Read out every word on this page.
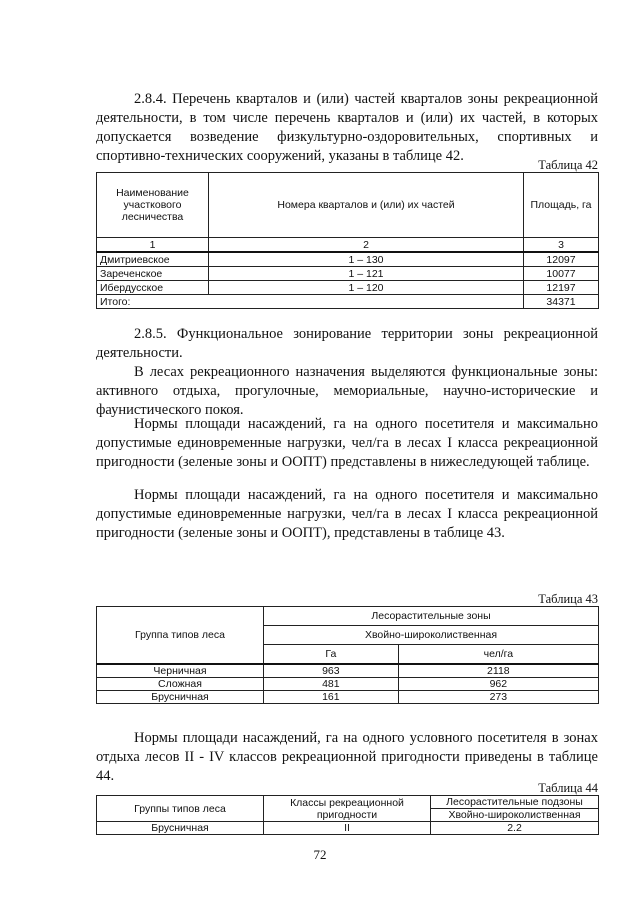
2.8.4. Перечень кварталов и (или) частей кварталов зоны рекреационной деятельности, в том числе перечень кварталов и (или) их частей, в которых допускается возведение физкультурно-оздоровительных, спортивных и спортивно-технических сооружений, указаны в таблице 42.
Таблица 42
Наименование участкового лесничества	Номера кварталов и (или) их частей	Площадь, га
1	2	3
Дмитриевское	1 – 130	12097
Зареченское	1 – 121	10077
Ибердусское	1 – 120	12197
Итого:		34371
2.8.5. Функциональное зонирование территории зоны рекреационной деятельности.
В лесах рекреационного назначения выделяются функциональные зоны: активного отдыха, прогулочные, мемориальные, научно-исторические и фаунистического покоя.
Нормы площади насаждений, га на одного посетителя и максимально допустимые единовременные нагрузки, чел/га в лесах I класса рекреационной пригодности (зеленые зоны и ООПТ) представлены в нижеследующей таблице.
Нормы площади насаждений, га на одного посетителя и максимально допустимые единовременные нагрузки, чел/га в лесах I класса рекреационной пригодности (зеленые зоны и ООПТ), представлены в таблице 43.
Таблица 43
Группа типов леса	Лесорастительные зоны	
	Хвойно-широколиственная	
	Га	чел/га
Черничная	963	2118
Сложная	481	962
Брусничная	161	273
Нормы площади насаждений, га на одного условного посетителя в зонах отдыха лесов II - IV классов рекреационной пригодности приведены в таблице 44.
Таблица 44
Группы типов леса	Классы рекреационной пригодности	Лесорастительные подзоны
		Хвойно-широколиственная
Брусничная	II	2.2
72
